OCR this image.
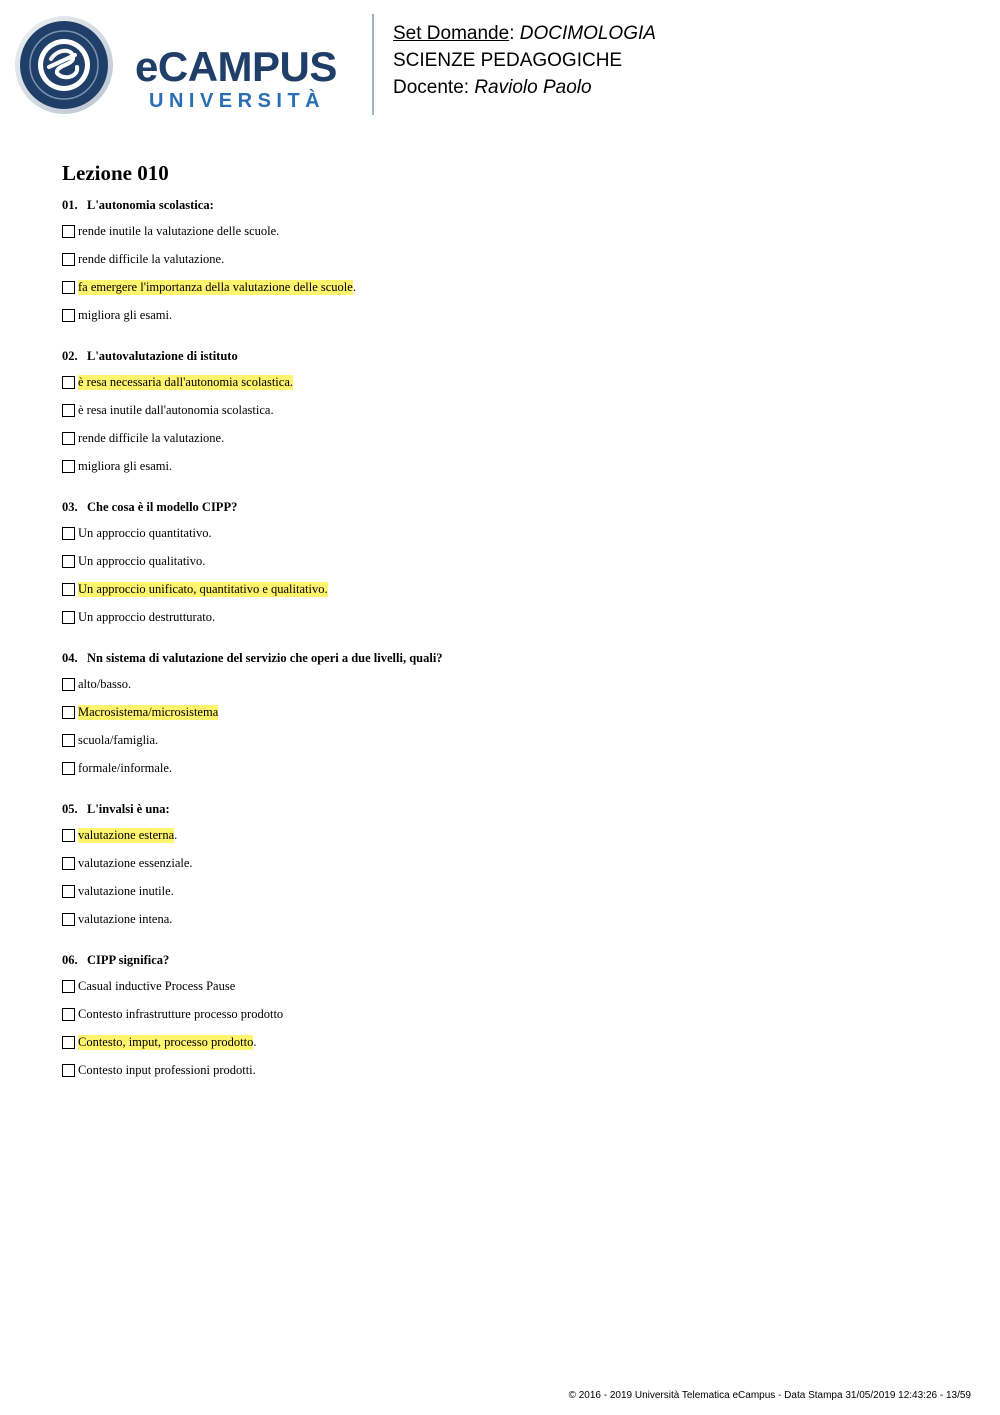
eCAMPUS
UNIVERSITÀ
Set Domande: DOCIMOLOGIA
SCIENZE PEDAGOGICHE
Docente: Raviolo Paolo
Lezione 010
01. L'autonomia scolastica:
rende inutile la valutazione delle scuole.
rende difficile la valutazione.
fa emergere l'importanza della valutazione delle scuole .
migliora gli esami.
02. L'autovalutazione di istituto
è resa necessaria dall'autonomia scolastica.
è resa inutile dall'autonomia scolastica.
rende difficile la valutazione.
migliora gli esami.
03. Che cosa è il modello CIPP?
Un approccio quantitativo.
Un approccio qualitativo.
Un approccio unificato, quantitativo e qualitativo.
Un approccio destrutturato.
04. Nn sistema di valutazione del servizio che operi a due livelli, quali?
alto/basso.
Macrosistema/microsistema
scuola/famiglia.
formale/informale.
05. L'invalsi è una:
valutazione esterna .
valutazione essenziale.
valutazione inutile.
valutazione intena.
06. CIPP significa?
Casual inductive Process Pause
Contesto infrastrutture processo prodotto
Contesto, imput, processo prodotto .
Contesto input professioni prodotti.
© 2016 - 2019 Università Telematica eCampus - Data Stampa 31/05/2019 12:43:26 - 13/59
